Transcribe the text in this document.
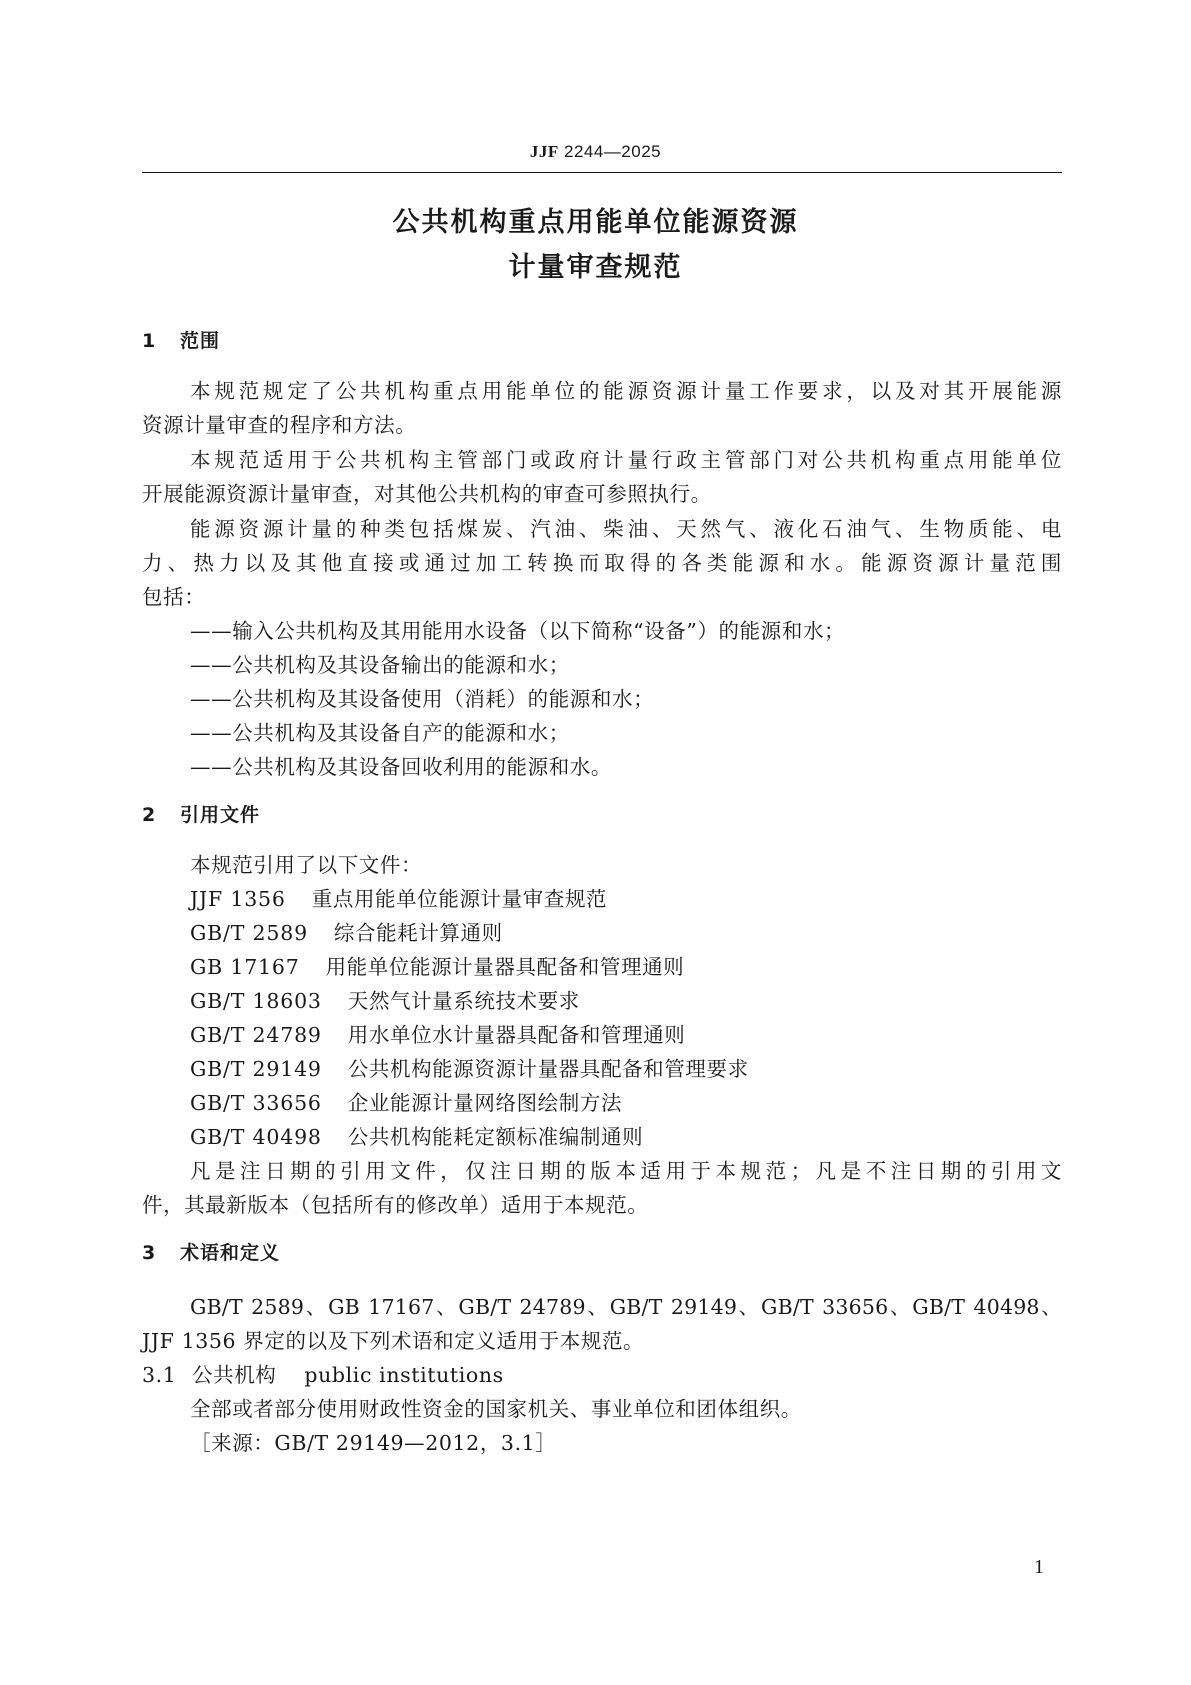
JJF 2244—2025
公共机构重点用能单位能源资源
计量审查规范
1 范围
本规范规定了公共机构重点用能单位的能源资源计量工作要求，以及对其开展能源
资源计量审查的程序和方法。
本规范适用于公共机构主管部门或政府计量行政主管部门对公共机构重点用能单位
开展能源资源计量审查，对其他公共机构的审查可参照执行。
能源资源计量的种类包括煤炭、汽油、柴油、天然气、液化石油气、生物质能、电
力、热力以及其他直接或通过加工转换而取得的各类能源和水。能源资源计量范围
包括：
——输入公共机构及其用能用水设备（以下简称“设备”）的能源和水；
——公共机构及其设备输出的能源和水；
——公共机构及其设备使用（消耗）的能源和水；
——公共机构及其设备自产的能源和水；
——公共机构及其设备回收利用的能源和水。
2 引用文件
本规范引用了以下文件：
JJF 1356 重点用能单位能源计量审查规范
GB/T 2589 综合能耗计算通则
GB 17167 用能单位能源计量器具配备和管理通则
GB/T 18603 天然气计量系统技术要求
GB/T 24789 用水单位水计量器具配备和管理通则
GB/T 29149 公共机构能源资源计量器具配备和管理要求
GB/T 33656 企业能源计量网络图绘制方法
GB/T 40498 公共机构能耗定额标准编制通则
凡是注日期的引用文件，仅注日期的版本适用于本规范；凡是不注日期的引用文
件，其最新版本（包括所有的修改单）适用于本规范。
3 术语和定义
GB/T 2589、GB 17167、GB/T 24789、GB/T 29149、GB/T 33656、GB/T 40498、
JJF 1356 界定的以及下列术语和定义适用于本规范。
3.1 公共机构 public institutions
全部或者部分使用财政性资金的国家机关、事业单位和团体组织。
［来源：GB/T 29149—2012，3.1］
1
